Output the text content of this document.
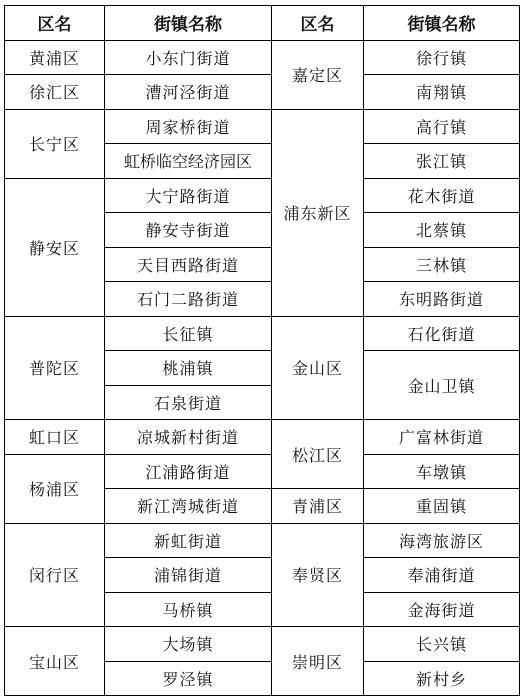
区名	街镇名称	区名	街镇名称
黄浦区	小东门街道	嘉定区	徐行镇
徐汇区	漕河泾街道		南翔镇
长宁区	周家桥街道	浦东新区	高行镇
	虹桥临空经济园区		张江镇
静安区	大宁路街道		花木街道
	静安寺街道		北蔡镇
	天目西路街道		三林镇
	石门二路街道		东明路街道
普陀区	长征镇	金山区	石化街道
	桃浦镇		金山卫镇
	石泉街道		
虹口区	凉城新村街道	松江区	广富林街道
杨浦区	江浦路街道		车墩镇
	新江湾城街道	青浦区	重固镇
闵行区	新虹街道	奉贤区	海湾旅游区
	浦锦街道		奉浦街道
	马桥镇		金海街道
宝山区	大场镇	崇明区	长兴镇
	罗泾镇		新村乡
